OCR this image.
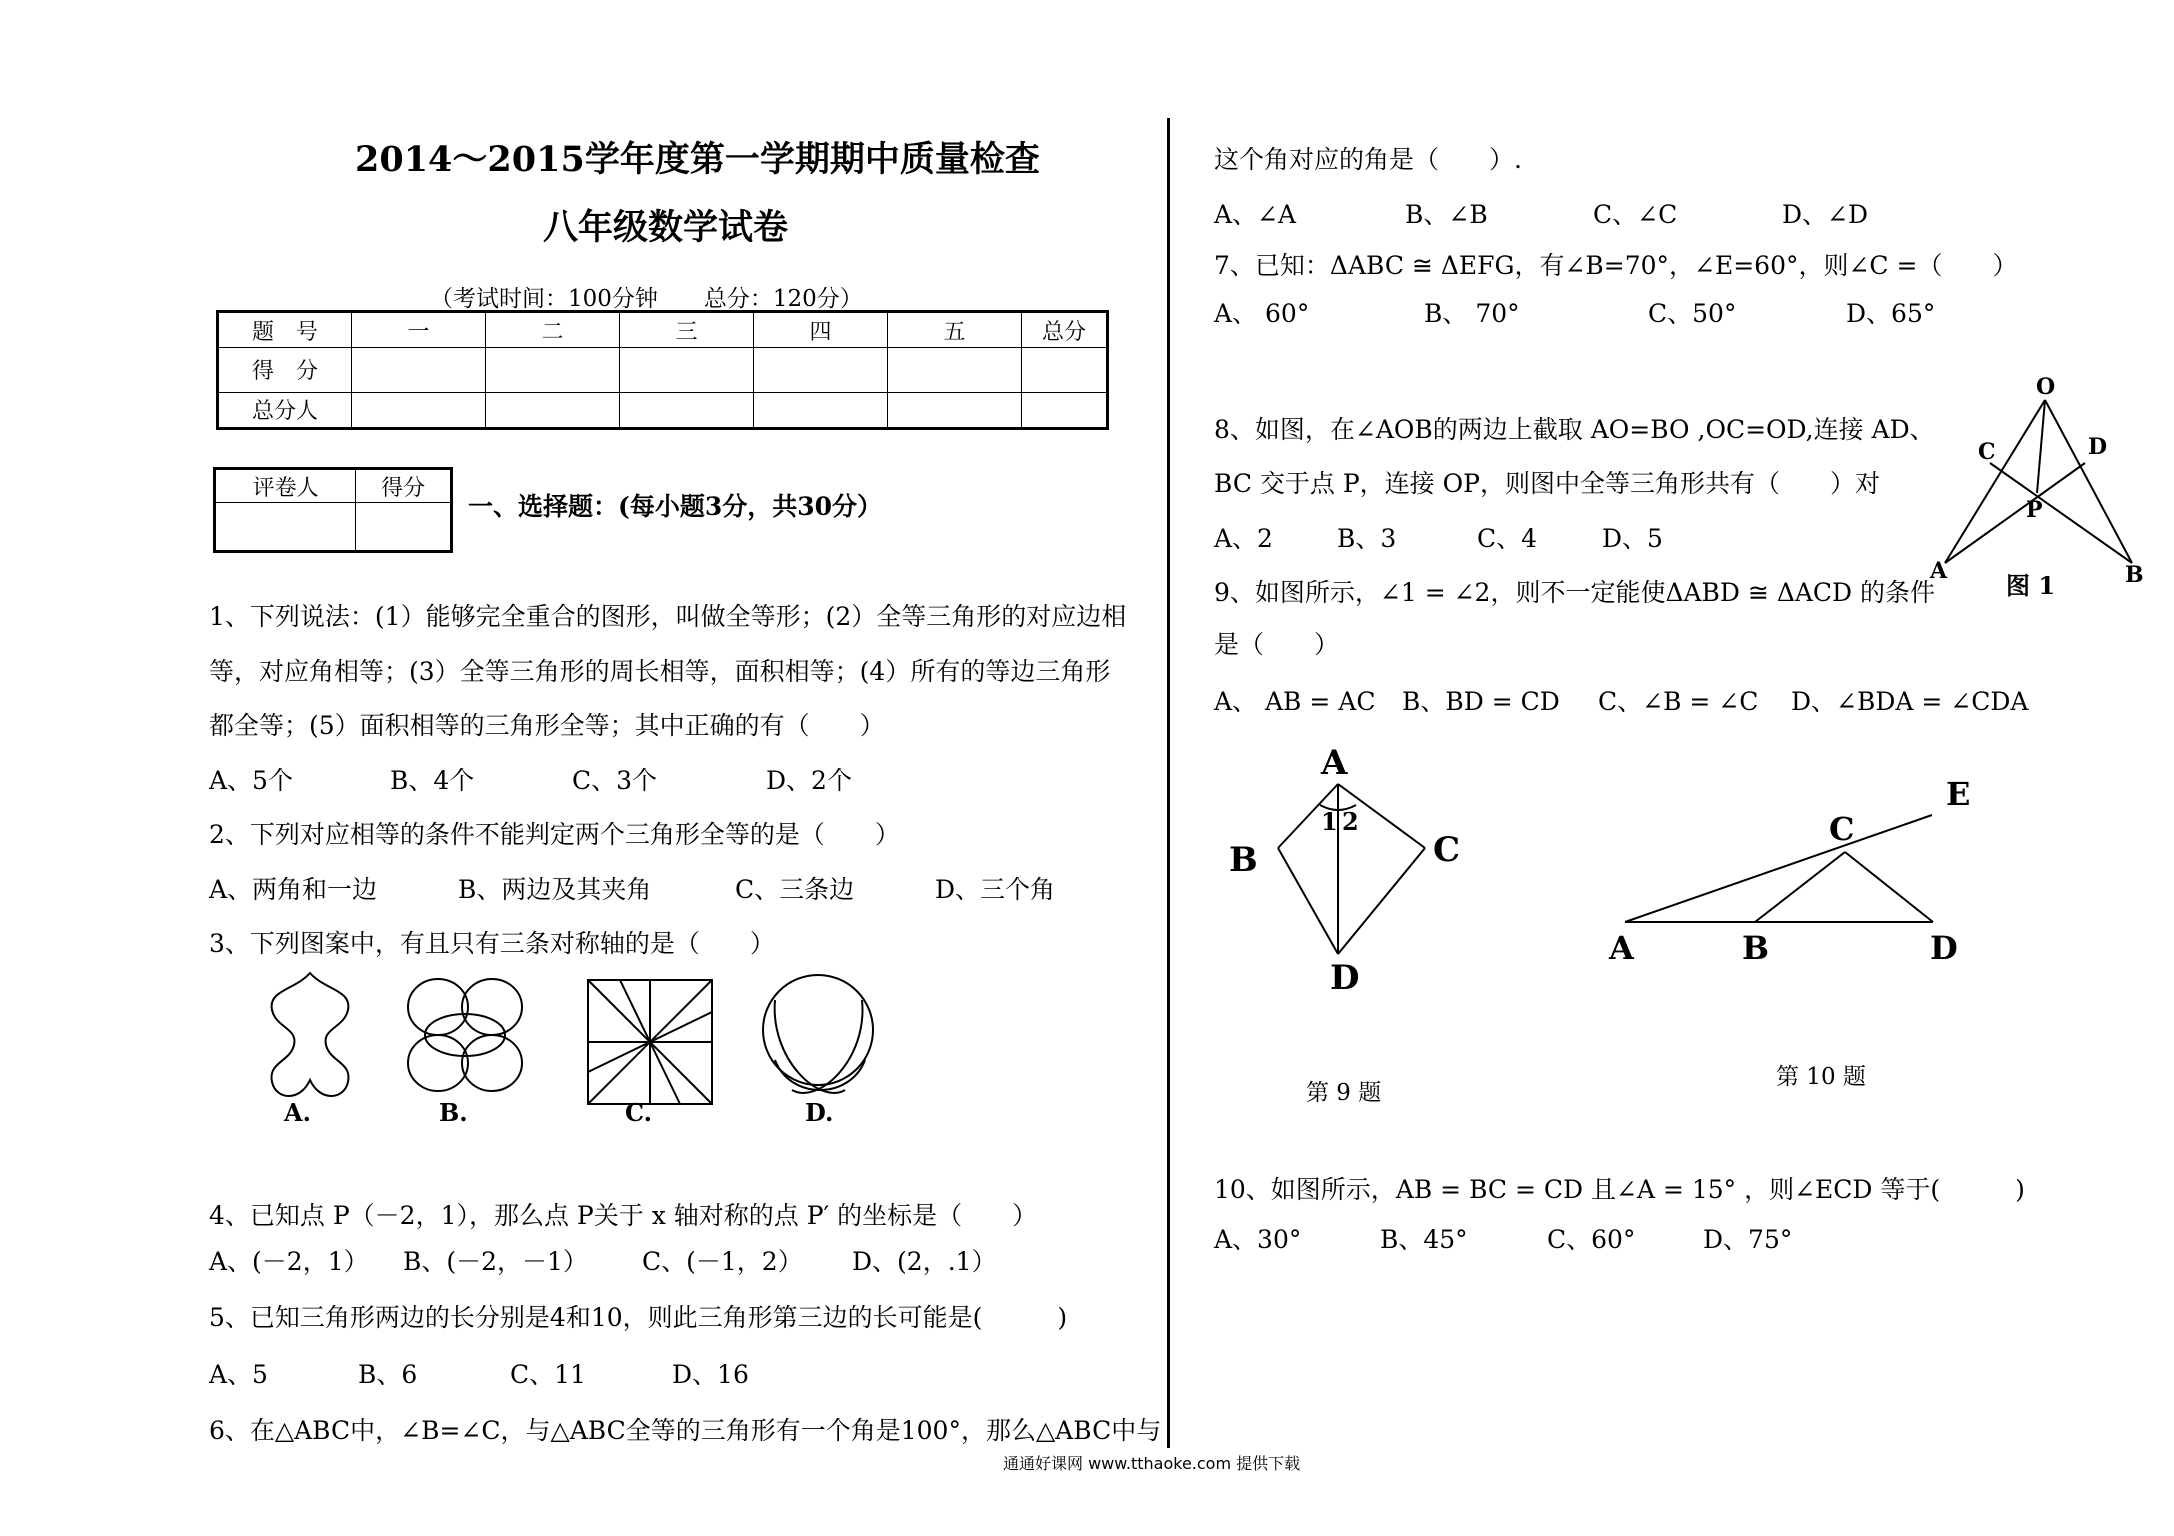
2014～2015学年度第一学期期中质量检查
八年级数学试卷
（考试时间：100分钟　　总分：120分）
题　号	一	二	三	四	五	总分
得　分						
总分人						
评卷人	得分

一、选择题：(每小题3分，共30分）
1、下列说法：(1）能够完全重合的图形，叫做全等形；(2）全等三角形的对应边相
等，对应角相等；(3）全等三角形的周长相等，面积相等；(4）所有的等边三角形
都全等；(5）面积相等的三角形全等；其中正确的有（　　）
A、5个	B、4个	C、3个	D、2个
2、下列对应相等的条件不能判定两个三角形全等的是（　　）
A、两角和一边	B、两边及其夹角	C、三条边	D、三个角
3、下列图案中，有且只有三条对称轴的是（　　）
A.	B.	C.	D.
4、已知点 P（－2，1），那么点 P关于 x 轴对称的点 P′ 的坐标是（　　）
A、(－2，1） B、(－2，－1） C、(－1，2） D、(2，.1）
5、已知三角形两边的长分别是4和10，则此三角形第三边的长可能是(　　　)
A、5	B、6	C、11	D、16
6、在△ABC中，∠B=∠C，与△ABC全等的三角形有一个角是100°，那么△ABC中与
这个角对应的角是（　　）.
A、∠A	B、∠B	C、∠C	D、∠D
7、已知：ΔABC ≅ ΔEFG，有∠B=70°，∠E=60°，则∠C =（　　）
A、 60°	B、 70°	C、50°	D、65°
8、如图，在∠AOB的两边上截取 AO=BO ,OC=OD,连接 AD、
BC 交于点 P，连接 OP，则图中全等三角形共有（　　）对
A、2	B、3	C、4	D、5
O
C	D
P
A	B
图 1
9、如图所示，∠1 = ∠2，则不一定能使ΔABD ≅ ΔACD 的条件
是（　　）
A、 AB = AC B、BD = CD C、∠B = ∠C D、∠BDA = ∠CDA
A
B	C
D
1 2
第 9 题
A	B
C
D
E
第 10 题
10、如图所示，AB = BC = CD 且∠A = 15° ，则∠ECD 等于(　　　)
A、30°	B、45°	C、60°	D、75°
通通好课网 www.tthaoke.com 提供下载
